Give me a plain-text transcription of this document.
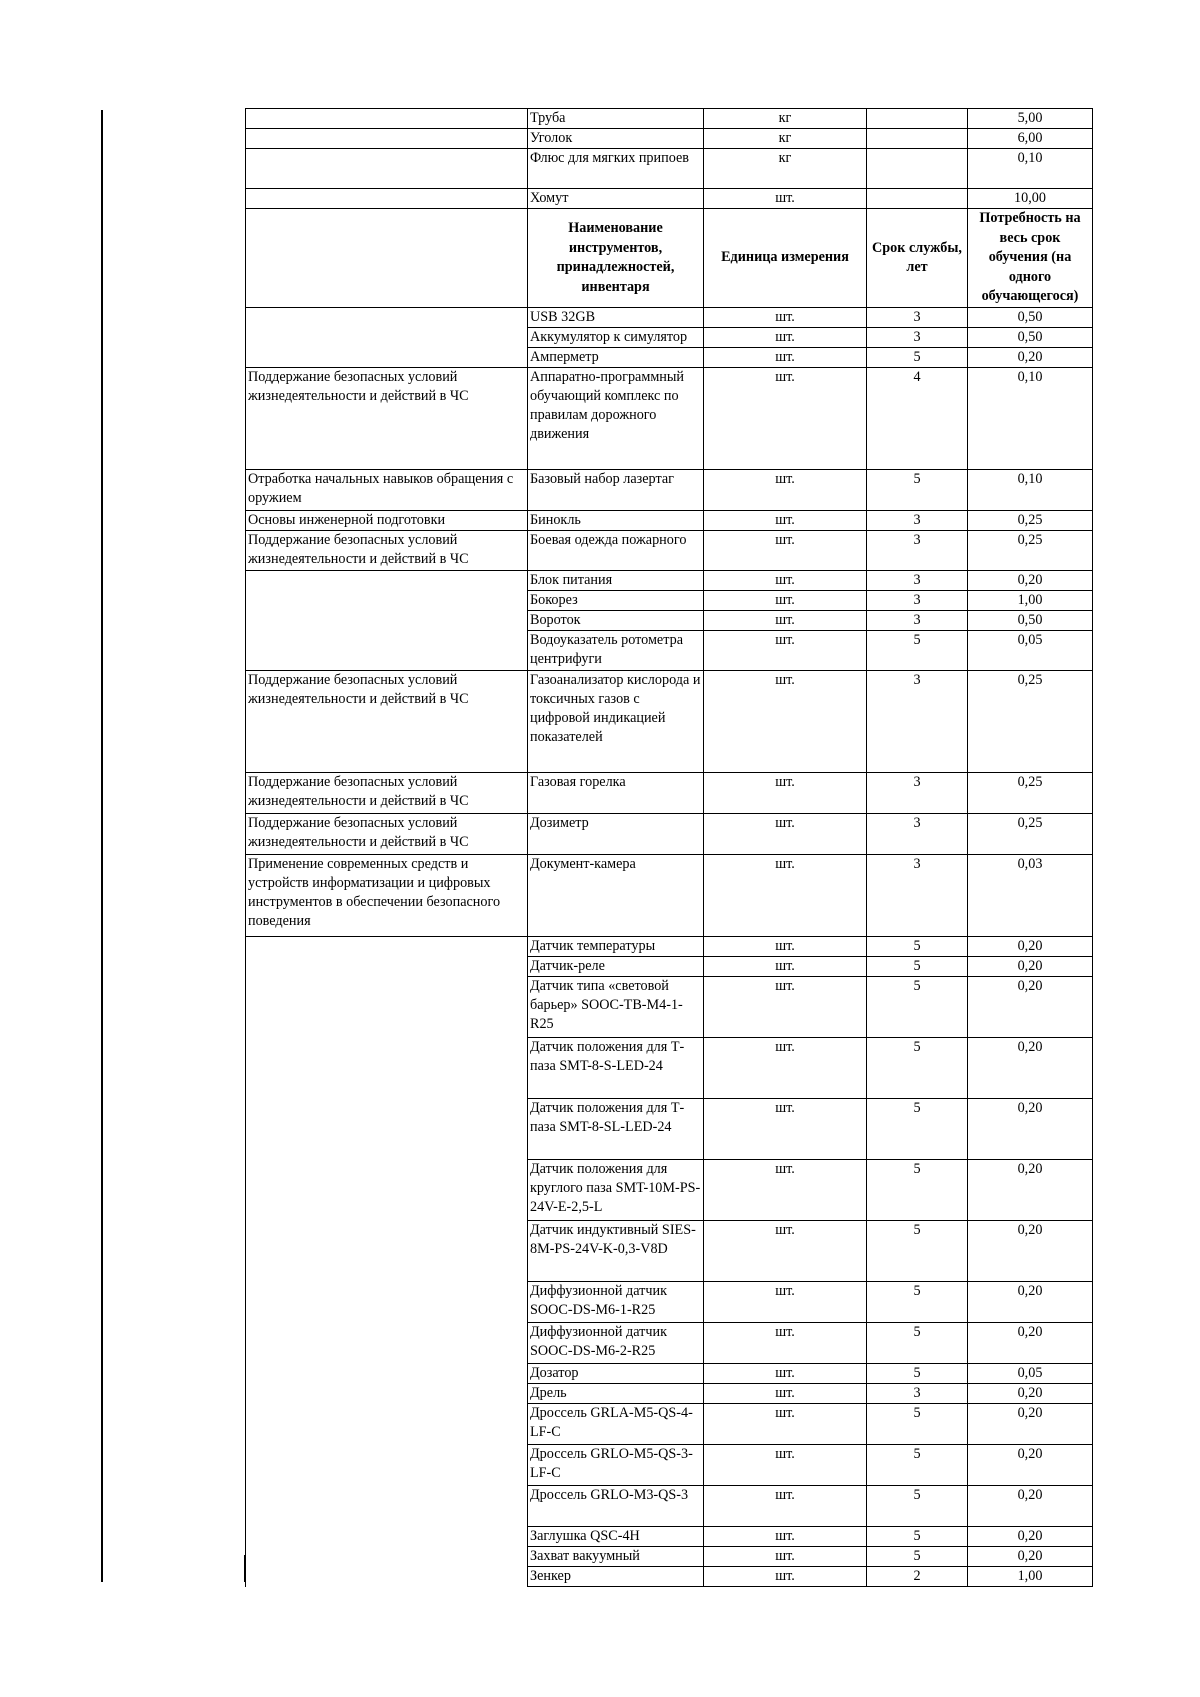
	Труба	кг		5,00
	Уголок	кг		6,00
	Флюс для мягких припоев	кг		0,10
	Хомут	шт.		10,00
	Наименование инструментов, принадлежностей, инвентаря	Единица измерения	Срок службы, лет	Потребность на весь срок обучения (на одного обучающегося)
	USB 32GB	шт.	3	0,50
	Аккумулятор к симулятор	шт.	3	0,50
	Амперметр	шт.	5	0,20
Поддержание безопасных условий жизнедеятельности и действий в ЧС	Аппаратно-программный обучающий комплекс по правилам дорожного движения	шт.	4	0,10
Отработка начальных навыков обращения с оружием	Базовый набор лазертаг	шт.	5	0,10
Основы инженерной подготовки	Бинокль	шт.	3	0,25
Поддержание безопасных условий жизнедеятельности и действий в ЧС	Боевая одежда пожарного	шт.	3	0,25
	Блок питания	шт.	3	0,20
	Бокорез	шт.	3	1,00
	Вороток	шт.	3	0,50
	Водоуказатель ротометра центрифуги	шт.	5	0,05
Поддержание безопасных условий жизнедеятельности и действий в ЧС	Газоанализатор кислорода и токсичных газов с цифровой индикацией показателей	шт.	3	0,25
Поддержание безопасных условий жизнедеятельности и действий в ЧС	Газовая горелка	шт.	3	0,25
Поддержание безопасных условий жизнедеятельности и действий в ЧС	Дозиметр	шт.	3	0,25
Применение современных средств и устройств информатизации и цифровых инструментов в обеспечении безопасного поведения	Документ-камера	шт.	3	0,03
	Датчик температуры	шт.	5	0,20
	Датчик-реле	шт.	5	0,20
	Датчик типа «световой барьер» SOOC-TB-M4-1-R25	шт.	5	0,20
	Датчик положения для Т-паза SMT-8-S-LED-24	шт.	5	0,20
	Датчик положения для Т-паза SMT-8-SL-LED-24	шт.	5	0,20
	Датчик положения для круглого паза SMT-10M-PS-24V-E-2,5-L	шт.	5	0,20
	Датчик индуктивный SIES-8M-PS-24V-K-0,3-V8D	шт.	5	0,20
	Диффузионной датчик SOOC-DS-M6-1-R25	шт.	5	0,20
	Диффузионной датчик SOOC-DS-M6-2-R25	шт.	5	0,20
	Дозатор	шт.	5	0,05
	Дрель	шт.	3	0,20
	Дроссель GRLA-M5-QS-4-LF-C	шт.	5	0,20
	Дроссель GRLO-M5-QS-3-LF-C	шт.	5	0,20
	Дроссель GRLO-M3-QS-3	шт.	5	0,20
	Заглушка QSC-4H	шт.	5	0,20
	Захват вакуумный	шт.	5	0,20
	Зенкер	шт.	2	1,00
